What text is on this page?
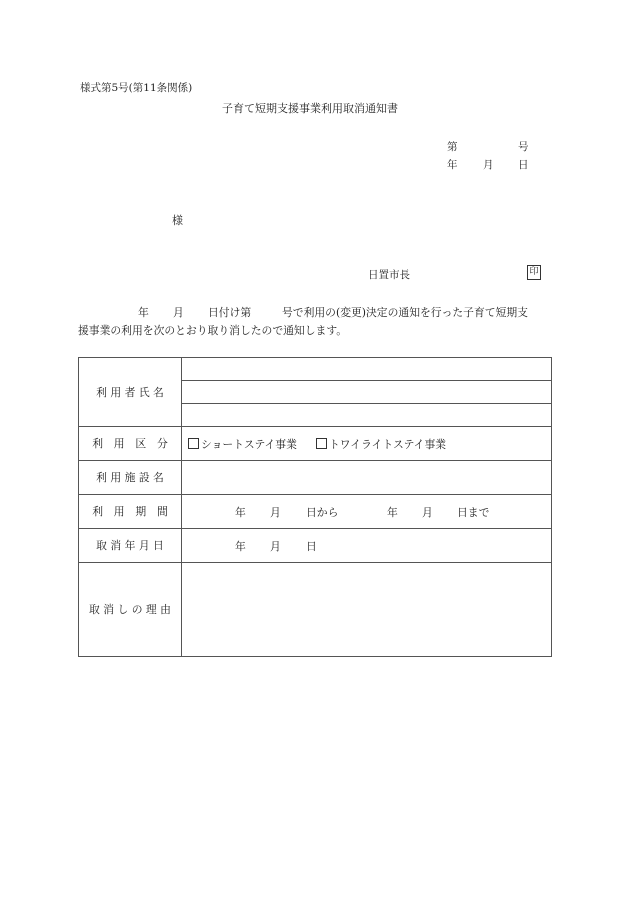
様式第5号(第11条関係)
子育て短期支援事業利用取消通知書
第	号
年 月 日
様
日置市長	印
年 月 日付け第	号で利用の(変更)決定の通知を行った子育て短期支
援事業の利用を次のとおり取り消したので通知します。
利 用 者 氏 名
利　用　区　分	ショートステイ事業	トワイライトステイ事業
利 用 施 設 名
利　用　期　間	年 月 日から	年 月 日まで
取 消 年 月 日	年 月 日
取 消 し の 理 由
